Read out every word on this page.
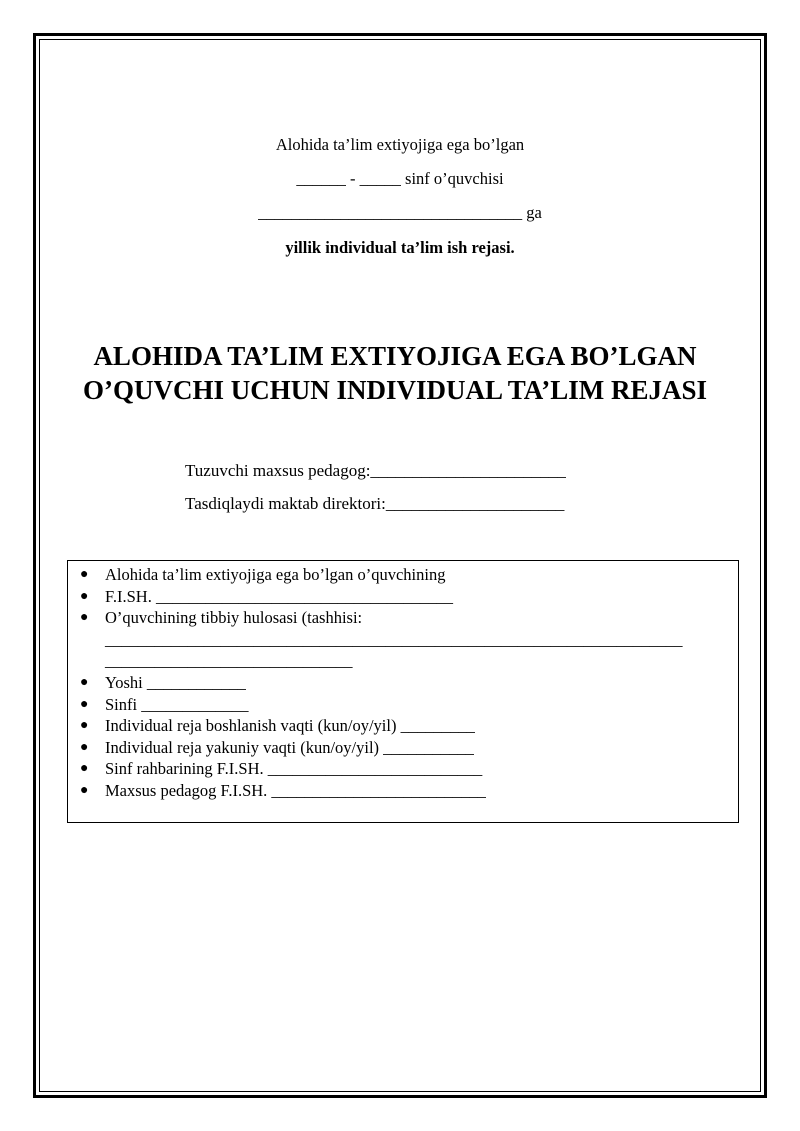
Alohida ta’lim extiyojiga ega bo’lgan
______ - _____ sinf o’quvchisi
________________________________ ga
yillik individual ta’lim ish rejasi.
ALOHIDA TA’LIM EXTIYOJIGA EGA BO’LGAN O’QUVCHI UCHUN INDIVIDUAL TA’LIM REJASI
Tuzuvchi maxsus pedagog:_______________________
Tasdiqlaydi maktab direktori:_____________________
● Alohida ta’lim extiyojiga ega bo’lgan o’quvchining
● F.I.SH. ____________________________________
● O’quvchining tibbiy hulosasi (tashhisi:
______________________________________________________________________
______________________________
● Yoshi ____________
● Sinfi _____________
● Individual reja boshlanish vaqti (kun/oy/yil) _________
● Individual reja yakuniy vaqti (kun/oy/yil) ___________
● Sinf rahbarining F.I.SH. __________________________
● Maxsus pedagog F.I.SH. __________________________
